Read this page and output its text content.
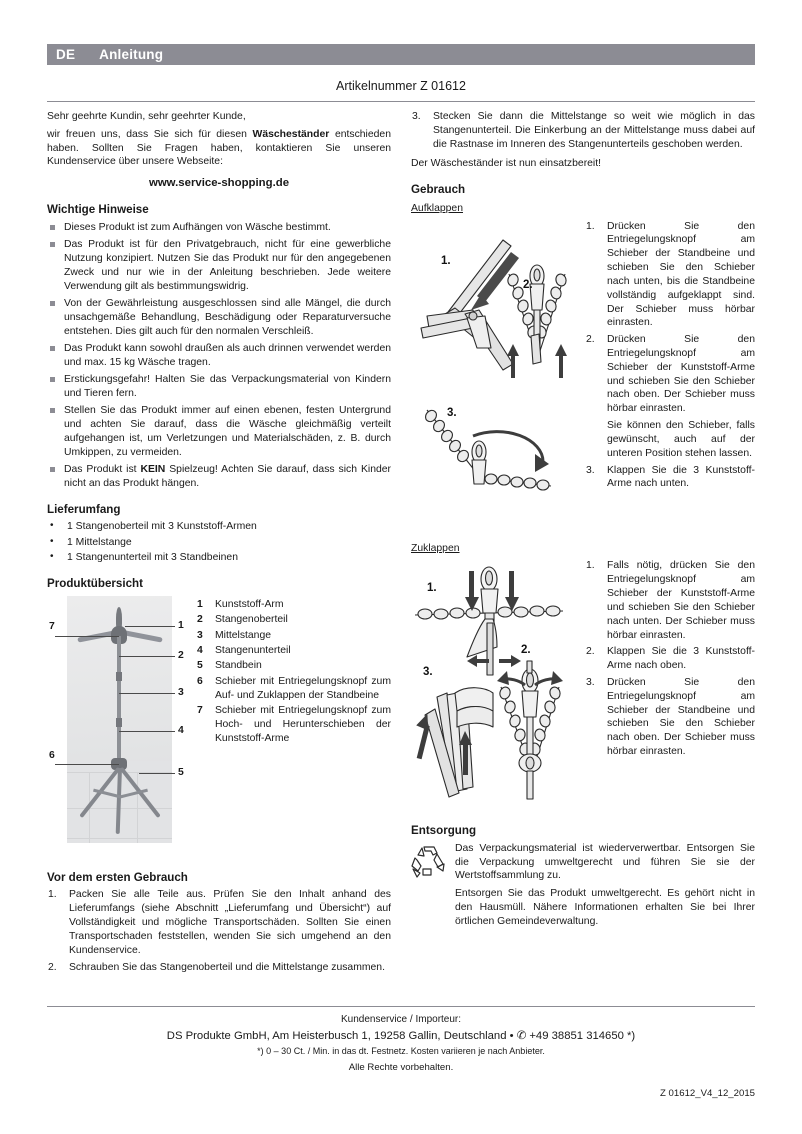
DE Anleitung
Artikelnummer Z 01612

Sehr geehrte Kundin, sehr geehrter Kunde,

wir freuen uns, dass Sie sich für diesen Wäscheständer entschieden haben. Sollten Sie Fragen haben, kontaktieren Sie unseren Kundenservice über unsere Webseite:

www.service-shopping.de

Wichtige Hinweise
Dieses Produkt ist zum Aufhängen von Wäsche bestimmt.
Das Produkt ist für den Privatgebrauch, nicht für eine gewerbliche Nutzung konzipiert. Nutzen Sie das Produkt nur für den angegebenen Zweck und nur wie in der Anleitung beschrieben. Jede weitere Verwendung gilt als bestimmungswidrig.
Von der Gewährleistung ausgeschlossen sind alle Mängel, die durch unsachgemäße Behandlung, Beschädigung oder Reparaturversuche entstehen. Dies gilt auch für den normalen Verschleiß.
Das Produkt kann sowohl draußen als auch drinnen verwendet werden und max. 15 kg Wäsche tragen.
Erstickungsgefahr! Halten Sie das Verpackungsmaterial von Kindern und Tieren fern.
Stellen Sie das Produkt immer auf einen ebenen, festen Untergrund und achten Sie darauf, dass die Wäsche gleichmäßig verteilt aufgehangen ist, um Verletzungen und Materialschäden, z. B. durch Umkippen, zu vermeiden.
Das Produkt ist KEIN Spielzeug! Achten Sie darauf, dass sich Kinder nicht an das Produkt hängen.
Lieferumfang
• 1 Stangenoberteil mit 3 Kunststoff-Armen
• 1 Mittelstange
• 1 Stangenunterteil mit 3 Standbeinen
Produktübersicht
1
2
3
4
5
6
7
1	Kunststoff-Arm
2	Stangenoberteil
3	Mittelstange
4	Stangenunterteil
5	Standbein
6	Schieber mit Entriegelungsknopf zum Auf- und Zuklappen der Standbeine
7	Schieber mit Entriegelungsknopf zum Hoch- und Herunterschieben der Kunststoff-Arme
Vor dem ersten Gebrauch
1. Packen Sie alle Teile aus. Prüfen Sie den Inhalt anhand des Lieferumfangs (siehe Abschnitt „Lieferumfang und Übersicht“) auf Vollständigkeit und mögliche Transportschäden. Sollten Sie einen Transportschaden feststellen, wenden Sie sich umgehend an den Kundenservice.
2. Schrauben Sie das Stangenoberteil und die Mittelstange zusammen.
3. Stecken Sie dann die Mittelstange so weit wie möglich in das Stangenunterteil. Die Einkerbung an der Mittelstange muss dabei auf die Rastnase im Inneren des Stangenunterteils geschoben werden.

Der Wäscheständer ist nun einsatzbereit!

Gebrauch
Aufklappen
1.
2.
3.
1. Drücken Sie den Entriegelungsknopf am Schieber der Standbeine und schieben Sie den Schieber nach unten, bis die Standbeine vollständig aufgeklappt sind. Der Schieber muss hörbar einrasten.
2. Drücken Sie den Entriegelungsknopf am Schieber der Kunststoff-Arme und schieben Sie den Schieber nach oben. Der Schieber muss hörbar einrasten.
Sie können den Schieber, falls gewünscht, auch auf der unteren Position stehen lassen.
3. Klappen Sie die 3 Kunststoff-Arme nach unten.
Zuklappen
1.
2.
3.
1. Falls nötig, drücken Sie den Entriegelungsknopf am Schieber der Kunststoff-Arme und schieben Sie den Schieber nach unten. Der Schieber muss hörbar einrasten.
2. Klappen Sie die 3 Kunststoff-Arme nach oben.
3. Drücken Sie den Entriegelungsknopf am Schieber der Standbeine und schieben Sie den Schieber nach oben. Der Schieber muss hörbar einrasten.
Entsorgung

Das Verpackungsmaterial ist wiederverwertbar. Entsorgen Sie die Verpackung umweltgerecht und führen Sie sie der Wertstoffsammlung zu.

Entsorgen Sie das Produkt umweltgerecht. Es gehört nicht in den Hausmüll. Nähere Informationen erhalten Sie bei Ihrer örtlichen Gemeindeverwaltung.

Kundenservice / Importeur:
DS Produkte GmbH, Am Heisterbusch 1, 19258 Gallin, Deutschland • ✆ +49 38851 314650 *)
*) 0 – 30 Ct. / Min. in das dt. Festnetz. Kosten variieren je nach Anbieter.
Alle Rechte vorbehalten.
Z 01612_V4_12_2015
